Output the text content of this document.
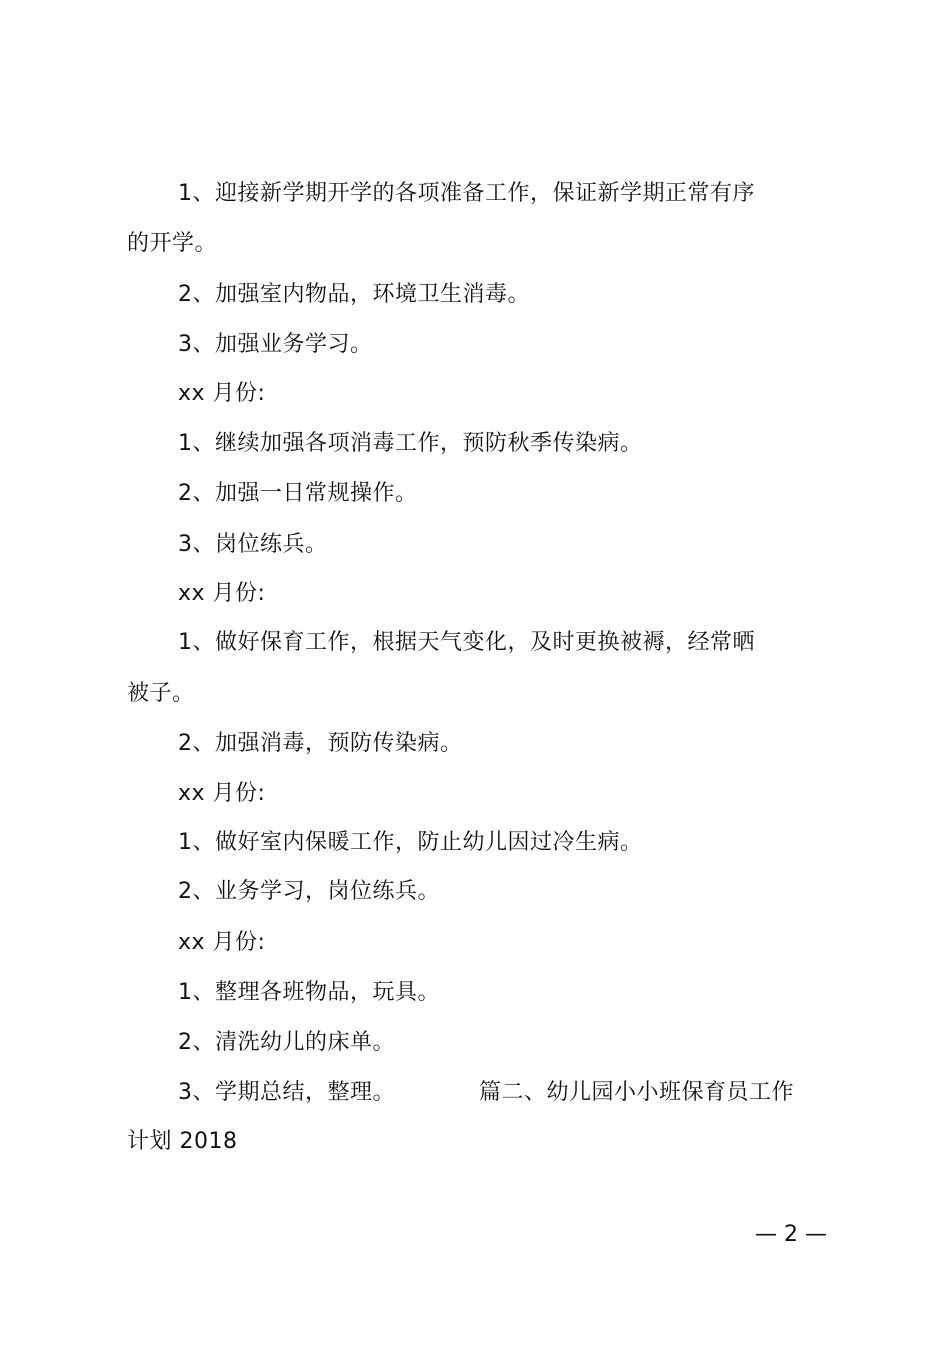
1、迎接新学期开学的各项准备工作，保证新学期正常有序
的开学。
2、加强室内物品，环境卫生消毒。
3、加强业务学习。
xx 月份:
1、继续加强各项消毒工作，预防秋季传染病。
2、加强一日常规操作。
3、岗位练兵。
xx 月份:
1、做好保育工作，根据天气变化，及时更换被褥，经常晒
被子。
2、加强消毒，预防传染病。
xx 月份:
1、做好室内保暖工作，防止幼儿因过冷生病。
2、业务学习，岗位练兵。
xx 月份:
1、整理各班物品，玩具。
2、清洗幼儿的床单。
3、学期总结，整理。	篇二、幼儿园小小班保育员工作
计划 2018
— 2 —
